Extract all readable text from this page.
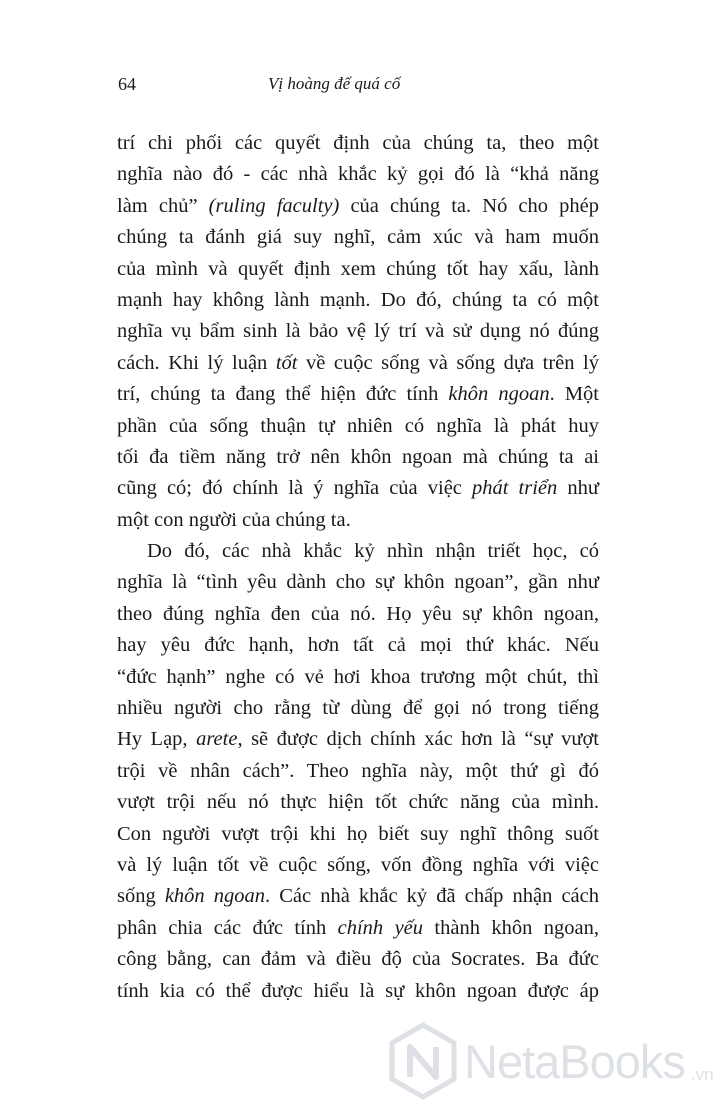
64	Vị hoàng đế quá cố
trí chi phối các quyết định của chúng ta, theo một
nghĩa nào đó - các nhà khắc kỷ gọi đó là “khả năng
làm chủ” (ruling faculty) của chúng ta. Nó cho phép
chúng ta đánh giá suy nghĩ, cảm xúc và ham muốn
của mình và quyết định xem chúng tốt hay xấu, lành
mạnh hay không lành mạnh. Do đó, chúng ta có một
nghĩa vụ bẩm sinh là bảo vệ lý trí và sử dụng nó đúng
cách. Khi lý luận tốt về cuộc sống và sống dựa trên lý
trí, chúng ta đang thể hiện đức tính khôn ngoan. Một
phần của sống thuận tự nhiên có nghĩa là phát huy
tối đa tiềm năng trở nên khôn ngoan mà chúng ta ai
cũng có; đó chính là ý nghĩa của việc phát triển như
một con người của chúng ta.
Do đó, các nhà khắc kỷ nhìn nhận triết học, có
nghĩa là “tình yêu dành cho sự khôn ngoan”, gần như
theo đúng nghĩa đen của nó. Họ yêu sự khôn ngoan,
hay yêu đức hạnh, hơn tất cả mọi thứ khác. Nếu
“đức hạnh” nghe có vẻ hơi khoa trương một chút, thì
nhiều người cho rằng từ dùng để gọi nó trong tiếng
Hy Lạp, arete, sẽ được dịch chính xác hơn là “sự vượt
trội về nhân cách”. Theo nghĩa này, một thứ gì đó
vượt trội nếu nó thực hiện tốt chức năng của mình.
Con người vượt trội khi họ biết suy nghĩ thông suốt
và lý luận tốt về cuộc sống, vốn đồng nghĩa với việc
sống khôn ngoan. Các nhà khắc kỷ đã chấp nhận cách
phân chia các đức tính chính yếu thành khôn ngoan,
công bằng, can đảm và điều độ của Socrates. Ba đức
tính kia có thể được hiểu là sự khôn ngoan được áp
NetaBooks .vn
